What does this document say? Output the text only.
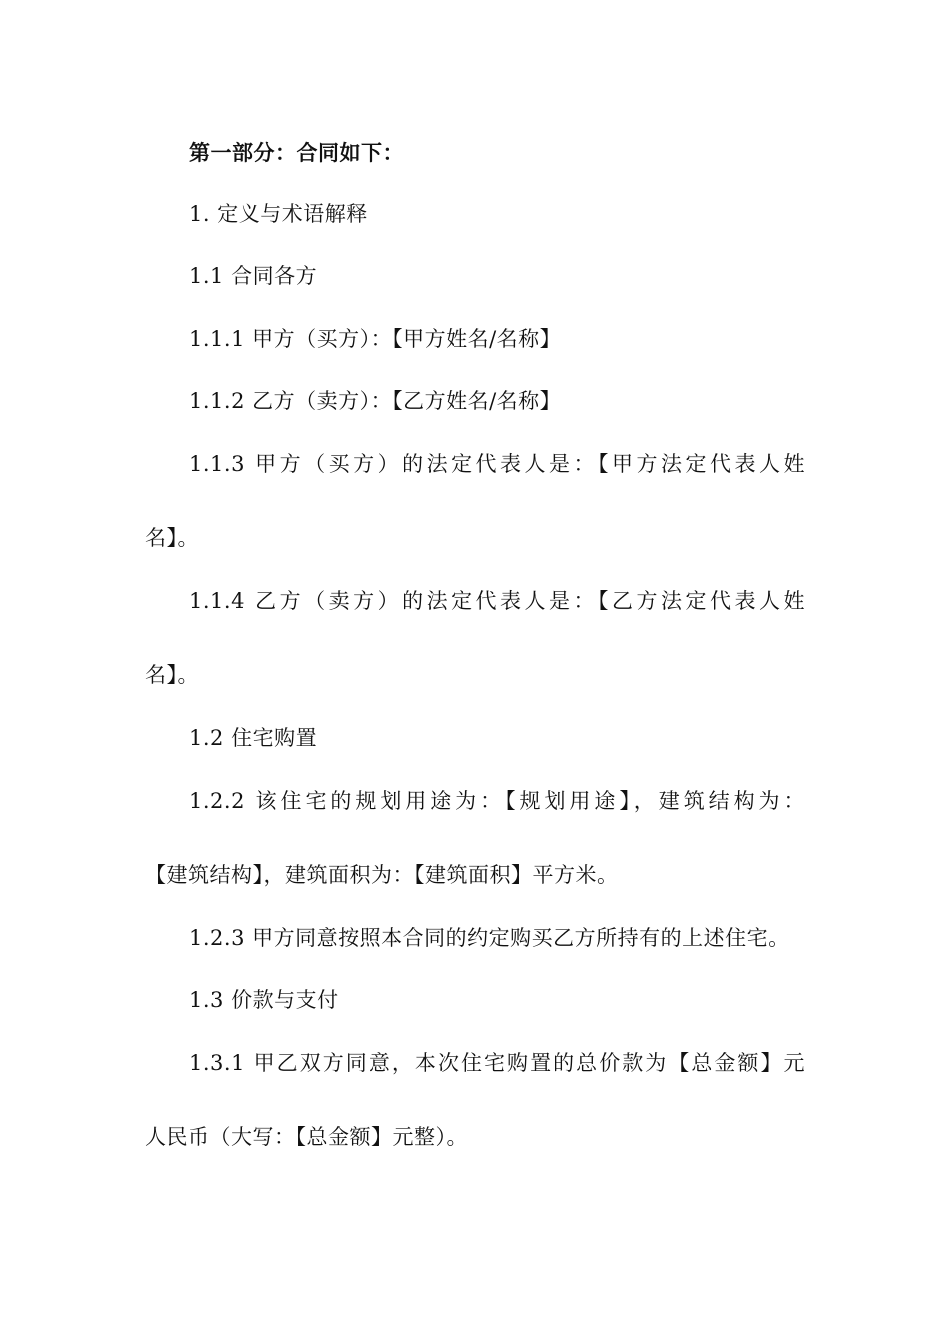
第一部分：合同如下：
1. 定义与术语解释
1.1 合同各方
1.1.1 甲方（买方）：【甲方姓名/名称】
1.1.2 乙方（卖方）：【乙方姓名/名称】
1.1.3 甲方（买方）的法定代表人是：【甲方法定代表人姓
名】。
1.1.4 乙方（卖方）的法定代表人是：【乙方法定代表人姓
名】。
1.2 住宅购置
1.2.2 该住宅的规划用途为：【规划用途】，建筑结构为：
【建筑结构】，建筑面积为：【建筑面积】平方米。
1.2.3 甲方同意按照本合同的约定购买乙方所持有的上述住宅。
1.3 价款与支付
1.3.1 甲乙双方同意，本次住宅购置的总价款为【总金额】元
人民币（大写：【总金额】元整）。
